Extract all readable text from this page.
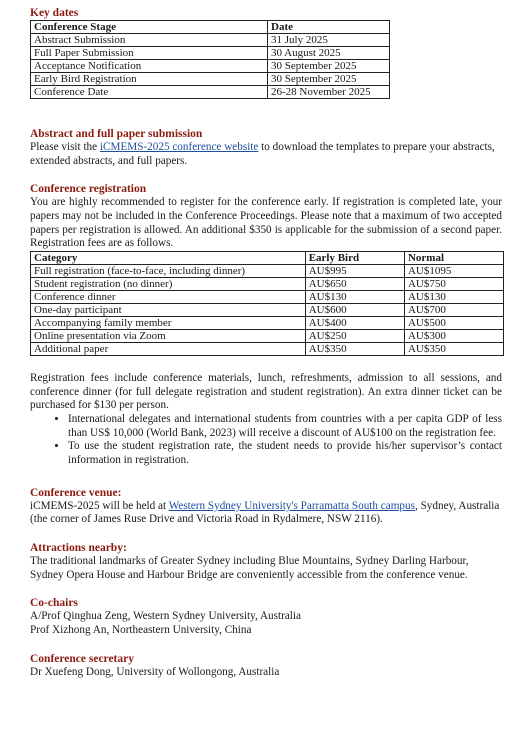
Key dates
Conference Stage	Date
Abstract Submission	31 July 2025
Full Paper Submission	30 August 2025
Acceptance Notification	30 September 2025
Early Bird Registration	30 September 2025
Conference Date	26-28 November 2025
Abstract and full paper submission

Please visit the iCMEMS-2025 conference website to download the templates to prepare your abstracts, extended abstracts, and full papers.

Conference registration

You are highly recommended to register for the conference early. If registration is completed late, your papers may not be included in the Conference Proceedings. Please note that a maximum of two accepted papers per registration is allowed. An additional $350 is applicable for the submission of a second paper. Registration fees are as follows.

Category	Early Bird	Normal
Full registration (face-to-face, including dinner)	AU$995	AU$1095
Student registration (no dinner)	AU$650	AU$750
Conference dinner	AU$130	AU$130
One-day participant	AU$600	AU$700
Accompanying family member	AU$400	AU$500
Online presentation via Zoom	AU$250	AU$300
Additional paper	AU$350	AU$350

Registration fees include conference materials, lunch, refreshments, admission to all sessions, and conference dinner (for full delegate registration and student registration). An extra dinner ticket can be purchased for $130 per person.

• International delegates and international students from countries with a per capita GDP of less than US$ 10,000 (World Bank, 2023) will receive a discount of AU$100 on the registration fee.
• To use the student registration rate, the student needs to provide his/her supervisor’s contact information in registration.
Conference venue:

iCMEMS-2025 will be held at Western Sydney University's Parramatta South campus, Sydney, Australia (the corner of James Ruse Drive and Victoria Road in Rydalmere, NSW 2116).

Attractions nearby:

The traditional landmarks of Greater Sydney including Blue Mountains, Sydney Darling Harbour, Sydney Opera House and Harbour Bridge are conveniently accessible from the conference venue.

Co-chairs
A/Prof Qinghua Zeng, Western Sydney University, Australia
Prof Xizhong An, Northeastern University, China
Conference secretary
Dr Xuefeng Dong, University of Wollongong, Australia
